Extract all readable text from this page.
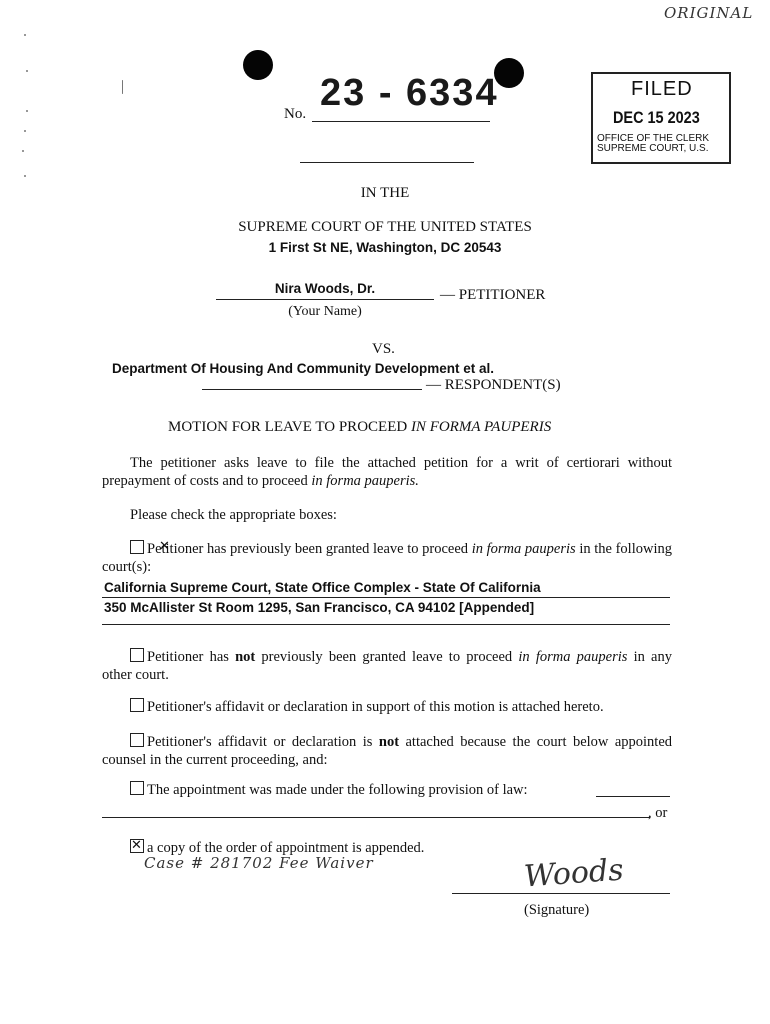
ORIGINAL
No. 23 - 6334	FILED
DEC 15 2023
OFFICE OF THE CLERK
SUPREME COURT, U.S.
IN THE
SUPREME COURT OF THE UNITED STATES
1 First St NE, Washington, DC 20543
Nira Woods, Dr.	— PETITIONER
(Your Name)
VS.
Department Of Housing And Community Development et al.
— RESPONDENT(S)
MOTION FOR LEAVE TO PROCEED IN FORMA PAUPERIS
The petitioner asks leave to file the attached petition for a writ of certiorari without prepayment of costs and to proceed in forma pauperis.
Please check the appropriate boxes:
✕Petitioner has previously been granted leave to proceed in forma pauperis in the following court(s):
California Supreme Court, State Office Complex - State Of California
350 McAllister St Room 1295, San Francisco, CA 94102 [Appended]
Petitioner has not previously been granted leave to proceed in forma pauperis in any other court.
Petitioner's affidavit or declaration in support of this motion is attached hereto.
Petitioner's affidavit or declaration is not attached because the court below appointed counsel in the current proceeding, and:
The appointment was made under the following provision of law:
, or
✕a copy of the order of appointment is appended.
Case # 281702 Fee Waiver	Woods
(Signature)
